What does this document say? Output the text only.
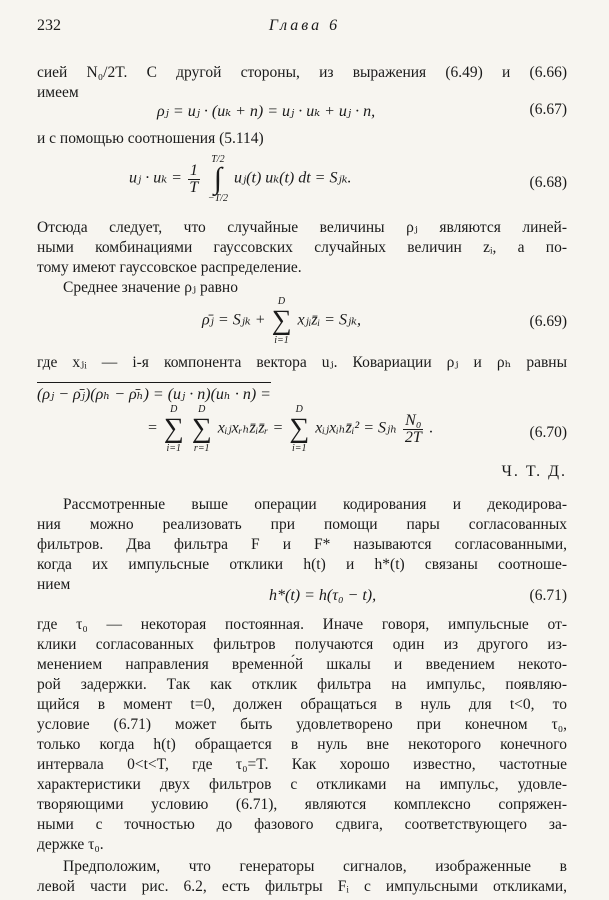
232	Глава 6
сией N₀/2T. С другой стороны, из выражения (6.49) и (6.66)
имеем
ρⱼ = uⱼ · (uₖ + n) = uⱼ · uₖ + uⱼ · n,	(6.67)
и с помощью соотношения (5.114)
uⱼ · $u_k = \frac{1}{T}$

T/2
∫
−T/2
uⱼ(t) uₖ(t) dt = Sⱼₖ.	(6.68)
Отсюда следует, что случайные величины ρⱼ являются линей-
ными комбинациями гауссовских случайных величин zᵢ, а по-
тому имеют гауссовское распределение.
Среднее значение ρⱼ равно
ρ̄ⱼ = Sⱼₖ +
D
∑
i=1
xⱼᵢz̄ᵢ = Sⱼₖ,	(6.69)
где xⱼᵢ — i-я компонента вектора uⱼ. Ковариации ρⱼ и ρₕ равны
(ρⱼ − ρ̄ⱼ)(ρₕ − ρ̄ₕ) = (uⱼ · n)(uₕ · n) =
=
D
∑
i=1

D
∑
r=1
xᵢⱼxᵣₕz̄ᵢz̄ᵣ =
D
∑
i=1
xᵢⱼxᵢₕz̄ᵢ² = Sⱼₕ $\frac{\text{N₀}}{2T}$ .	(6.70)
Ч. Т. Д.
Рассмотренные выше операции кодирования и декодирова-
ния можно реализовать при помощи пары согласованных
фильтров. Два фильтра F и F* называются согласованными,
когда их импульсные отклики h(t) и h*(t) связаны соотноше-
нием
h*(t) = h(τ₀ − t),	(6.71)
где τ₀ — некоторая постоянная. Иначе говоря, импульсные от-
клики согласованных фильтров получаются один из другого из-
менением направления временно́й шкалы и введением некото-
рой задержки. Так как отклик фильтра на импульс, появляю-
щийся в момент t=0, должен обращаться в нуль для t<0, то
условие (6.71) может быть удовлетворено при конечном τ₀,
только когда h(t) обращается в нуль вне некоторого конечного
интервала 0<t<T, где τ₀=T. Как хорошо известно, частотные
характеристики двух фильтров с откликами на импульс, удовле-
творяющими условию (6.71), являются комплексно сопряжен-
ными с точностью до фазового сдвига, соответствующего за-
держке τ₀.
Предположим, что генераторы сигналов, изображенные в
левой части рис. 6.2, есть фильтры Fᵢ с импульсными откликами,
